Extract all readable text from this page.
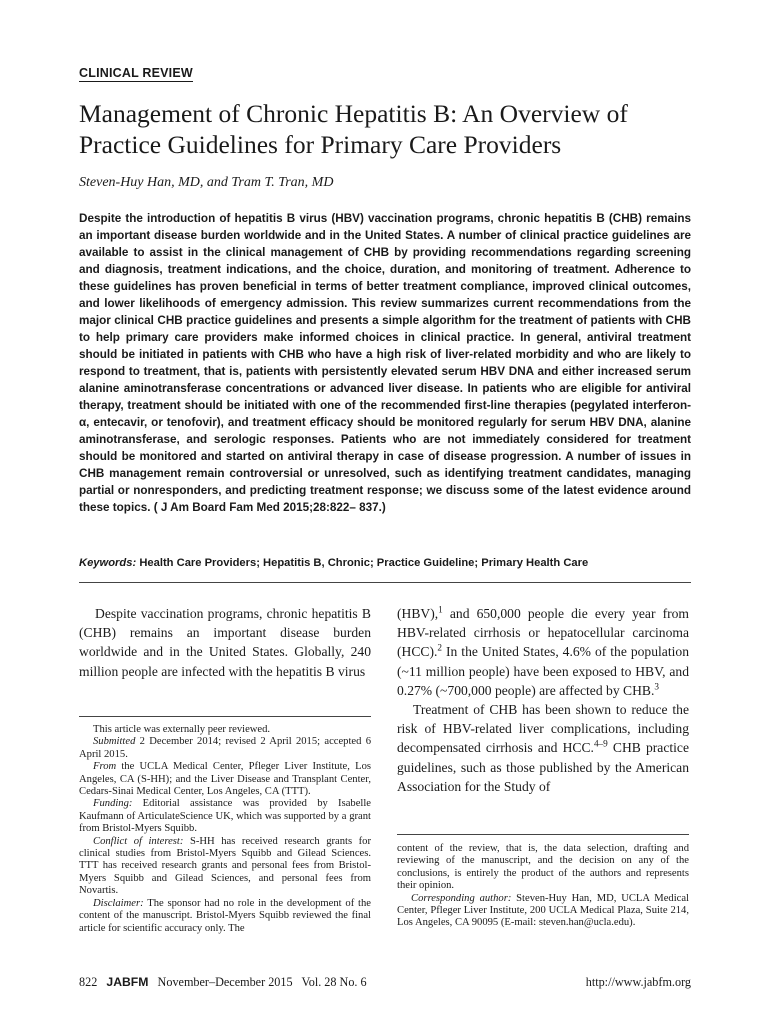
CLINICAL REVIEW
Management of Chronic Hepatitis B: An Overview of Practice Guidelines for Primary Care Providers
Steven-Huy Han, MD, and Tram T. Tran, MD

Despite the introduction of hepatitis B virus (HBV) vaccination programs, chronic hepatitis B (CHB) remains an important disease burden worldwide and in the United States. A number of clinical practice guidelines are available to assist in the clinical management of CHB by providing recommendations regarding screening and diagnosis, treatment indications, and the choice, duration, and monitoring of treatment. Adherence to these guidelines has proven beneficial in terms of better treatment compliance, improved clinical outcomes, and lower likelihoods of emergency admission. This review summarizes current recommendations from the major clinical CHB practice guidelines and presents a simple algorithm for the treatment of patients with CHB to help primary care providers make informed choices in clinical practice. In general, antiviral treatment should be initiated in patients with CHB who have a high risk of liver-related morbidity and who are likely to respond to treatment, that is, patients with persistently elevated serum HBV DNA and either increased serum alanine aminotransferase concentrations or advanced liver disease. In patients who are eligible for antiviral therapy, treatment should be initiated with one of the recommended first-line therapies (pegylated interferon-α, entecavir, or tenofovir), and treatment efficacy should be monitored regularly for serum HBV DNA, alanine aminotransferase, and serologic responses. Patients who are not immediately considered for treatment should be monitored and started on antiviral therapy in case of disease progression. A number of issues in CHB management remain controversial or unresolved, such as identifying treatment candidates, managing partial or nonresponders, and predicting treatment response; we discuss some of the latest evidence around these topics. ( J Am Board Fam Med 2015;28:822– 837.)

Keywords: Health Care Providers; Hepatitis B, Chronic; Practice Guideline; Primary Health Care

Despite vaccination programs, chronic hepatitis B (CHB) remains an important disease burden worldwide and in the United States. Globally, 240 million people are infected with the hepatitis B virus

(HBV),$^1$ and 650,000 people die every year from HBV-related cirrhosis or hepatocellular carcinoma (HCC).$^2$ In the United States, 4.6% of the population (~11 million people) have been exposed to HBV, and 0.27% (~700,000 people) are affected by CHB.$^3$

Treatment of CHB has been shown to reduce the risk of HBV-related liver complications, including decompensated cirrhosis and HCC.$^{4-9}$ CHB practice guidelines, such as those published by the American Association for the Study of

This article was externally peer reviewed.

Submitted 2 December 2014; revised 2 April 2015; accepted 6 April 2015.

From the UCLA Medical Center, Pfleger Liver Institute, Los Angeles, CA (S-HH); and the Liver Disease and Transplant Center, Cedars-Sinai Medical Center, Los Angeles, CA (TTT).

Funding: Editorial assistance was provided by Isabelle Kaufmann of ArticulateScience UK, which was supported by a grant from Bristol-Myers Squibb.

Conflict of interest: S-HH has received research grants for clinical studies from Bristol-Myers Squibb and Gilead Sciences. TTT has received research grants and personal fees from Bristol-Myers Squibb and Gilead Sciences, and personal fees from Novartis.

Disclaimer: The sponsor had no role in the development of the content of the manuscript. Bristol-Myers Squibb reviewed the final article for scientific accuracy only. The

content of the review, that is, the data selection, drafting and reviewing of the manuscript, and the decision on any of the conclusions, is entirely the product of the authors and represents their opinion.

Corresponding author: Steven-Huy Han, MD, UCLA Medical Center, Pfleger Liver Institute, 200 UCLA Medical Plaza, Suite 214, Los Angeles, CA 90095 (E-mail: steven.han@ucla.edu).

822 JABFM November–December 2015   Vol. 28 No. 6	http://www.jabfm.org
